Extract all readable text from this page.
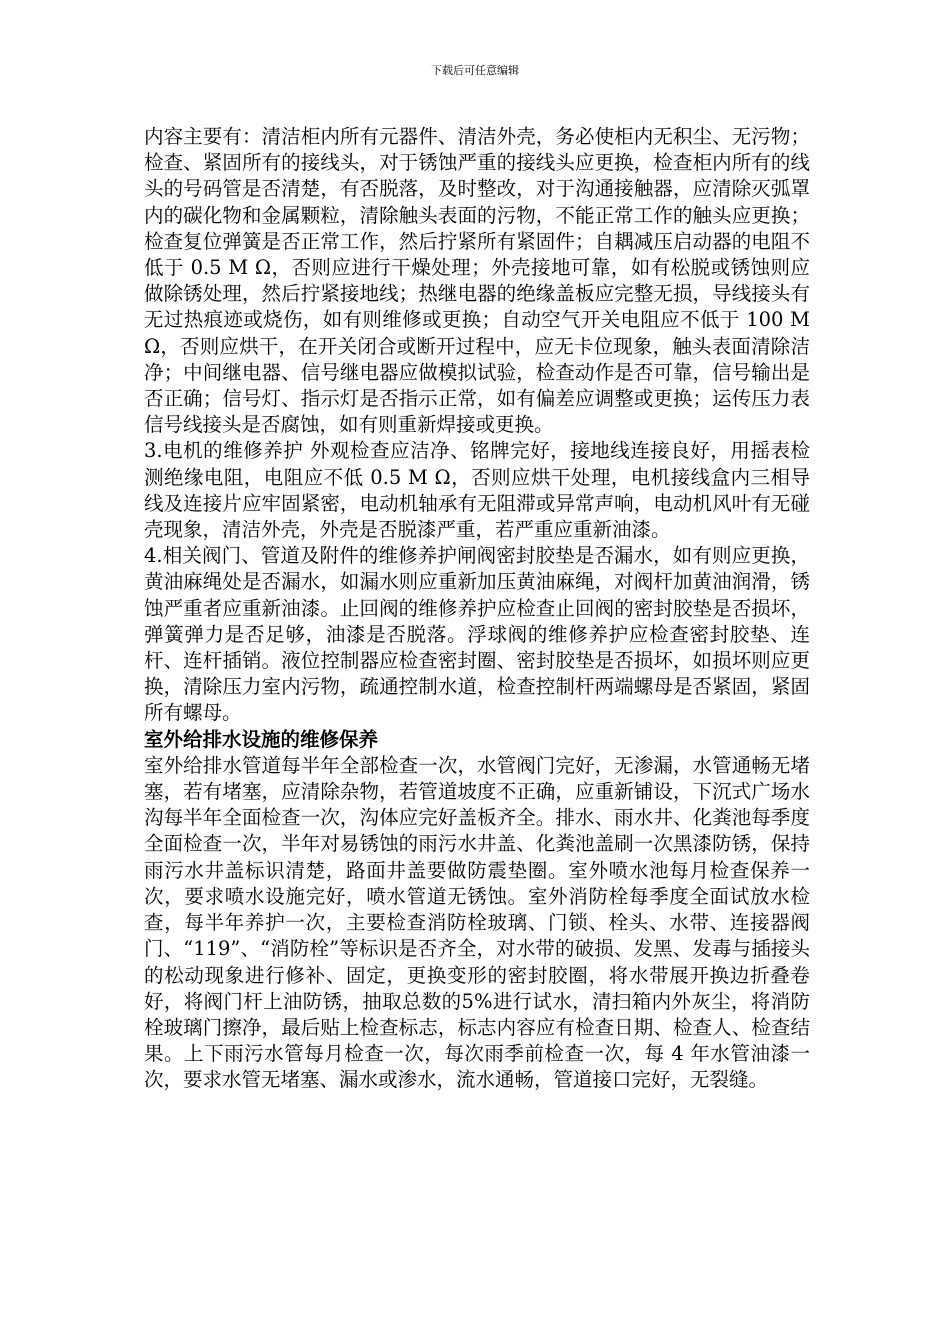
下载后可任意编辑

内容主要有：清洁柜内所有元器件、清洁外壳，务必使柜内无积尘、无污物；检查、紧固所有的接线头，对于锈蚀严重的接线头应更换，检查柜内所有的线头的号码管是否清楚，有否脱落，及时整改，对于沟通接触器，应清除灭弧罩内的碳化物和金属颗粒，清除触头表面的污物，不能正常工作的触头应更换；检查复位弹簧是否正常工作，然后拧紧所有紧固件；自耦减压启动器的电阻不低于 0.5 M Ω，否则应进行干燥处理；外壳接地可靠，如有松脱或锈蚀则应做除锈处理，然后拧紧接地线；热继电器的绝缘盖板应完整无损，导线接头有无过热痕迹或烧伤，如有则维修或更换；自动空气开关电阻应不低于 100 M Ω，否则应烘干，在开关闭合或断开过程中，应无卡位现象，触头表面清除洁净；中间继电器、信号继电器应做模拟试验，检查动作是否可靠，信号输出是否正确；信号灯、指示灯是否指示正常，如有偏差应调整或更换；运传压力表信号线接头是否腐蚀，如有则重新焊接或更换。

3.电机的维修养护 外观检查应洁净、铭牌完好，接地线连接良好，用摇表检测绝缘电阻，电阻应不低 0.5 M Ω，否则应烘干处理，电机接线盒内三相导线及连接片应牢固紧密，电动机轴承有无阻滞或异常声响，电动机风叶有无碰壳现象，清洁外壳，外壳是否脱漆严重，若严重应重新油漆。

4.相关阀门、管道及附件的维修养护闸阀密封胶垫是否漏水，如有则应更换，黄油麻绳处是否漏水，如漏水则应重新加压黄油麻绳，对阀杆加黄油润滑，锈蚀严重者应重新油漆。止回阀的维修养护应检查止回阀的密封胶垫是否损坏，弹簧弹力是否足够，油漆是否脱落。浮球阀的维修养护应检查密封胶垫、连杆、连杆插销。液位控制器应检查密封圈、密封胶垫是否损坏，如损坏则应更换，清除压力室内污物，疏通控制水道，检查控制杆两端螺母是否紧固，紧固所有螺母。

室外给排水设施的维修保养

室外给排水管道每半年全部检查一次，水管阀门完好，无渗漏，水管通畅无堵塞，若有堵塞，应清除杂物，若管道坡度不正确，应重新铺设，下沉式广场水沟每半年全面检查一次，沟体应完好盖板齐全。排水、雨水井、化粪池每季度全面检查一次，半年对易锈蚀的雨污水井盖、化粪池盖刷一次黑漆防锈，保持雨污水井盖标识清楚，路面井盖要做防震垫圈。室外喷水池每月检查保养一次，要求喷水设施完好，喷水管道无锈蚀。室外消防栓每季度全面试放水检查，每半年养护一次，主要检查消防栓玻璃、门锁、栓头、水带、连接器阀门、“119”、“消防栓”等标识是否齐全，对水带的破损、发黑、发毒与插接头的松动现象进行修补、固定，更换变形的密封胶圈，将水带展开换边折叠卷好，将阀门杆上油防锈，抽取总数的5%进行试水，清扫箱内外灰尘，将消防栓玻璃门擦净，最后贴上检查标志，标志内容应有检查日期、检查人、检查结果。上下雨污水管每月检查一次，每次雨季前检查一次，每 4 年水管油漆一次，要求水管无堵塞、漏水或渗水，流水通畅，管道接口完好，无裂缝。
